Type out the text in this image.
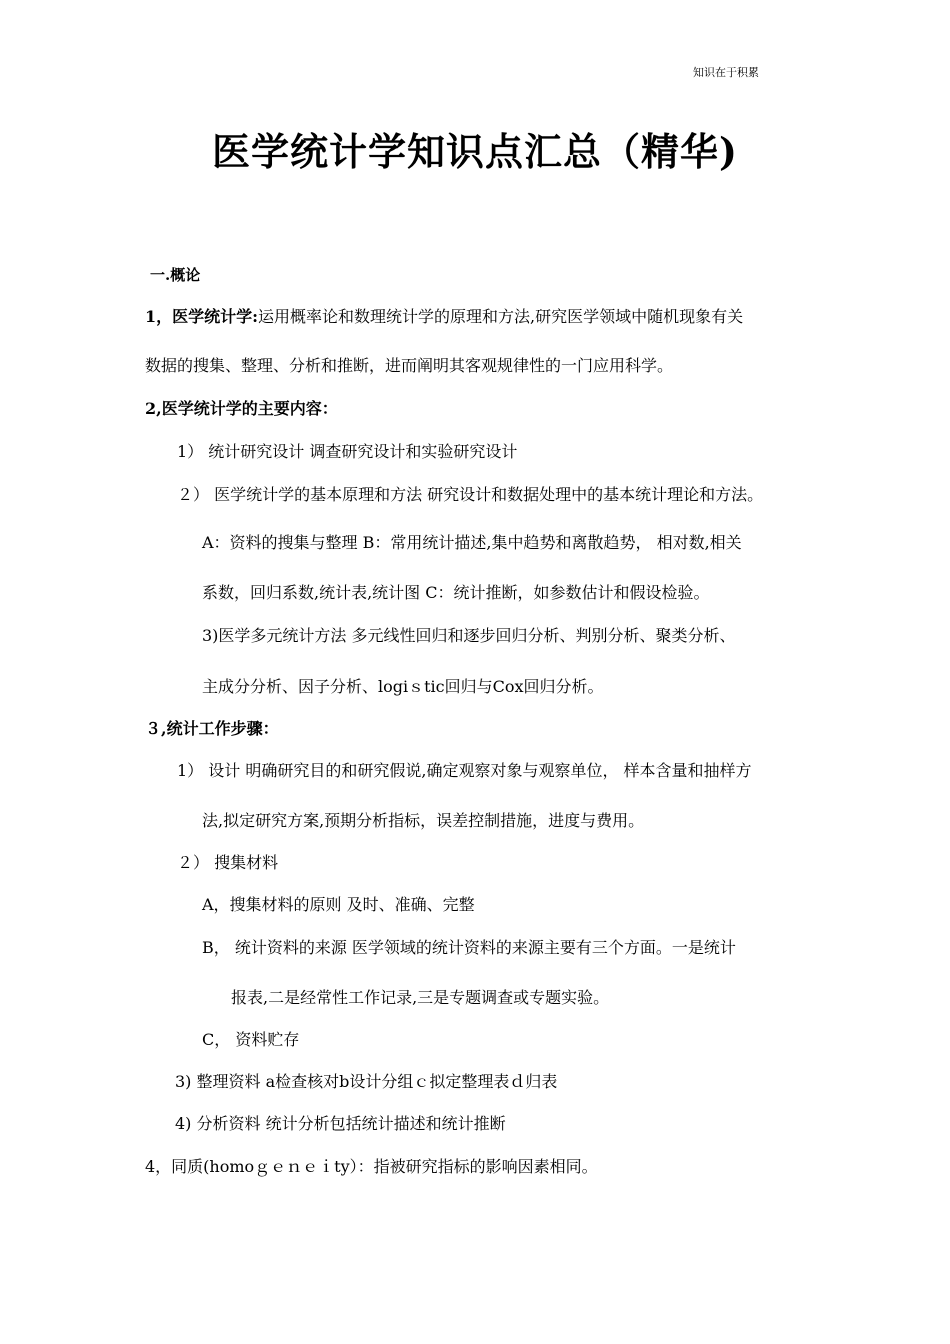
知识在于积累
医学统计学知识点汇总（精华)
一.概论
1，医学统计学:运用概率论和数理统计学的原理和方法,研究医学领域中随机现象有关
数据的搜集、整理、分析和推断，进而阐明其客观规律性的一门应用科学。
2,医学统计学的主要内容：
1） 统计研究设计 调查研究设计和实验研究设计
２） 医学统计学的基本原理和方法 研究设计和数据处理中的基本统计理论和方法。
A：资料的搜集与整理 B：常用统计描述,集中趋势和离散趋势， 相对数,相关
系数，回归系数,统计表,统计图 C：统计推断，如参数估计和假设检验。
3)医学多元统计方法 多元线性回归和逐步回归分析、判别分析、聚类分析、
主成分分析、因子分析、logiｓtic回归与Cox回归分析。
３,统计工作步骤：
1） 设计 明确研究目的和研究假说,确定观察对象与观察单位， 样本含量和抽样方
法,拟定研究方案,预期分析指标，误差控制措施，进度与费用。
２） 搜集材料
A，搜集材料的原则 及时、准确、完整
B， 统计资料的来源 医学领域的统计资料的来源主要有三个方面。一是统计
报表,二是经常性工作记录,三是专题调查或专题实验。
C， 资料贮存
3) 整理资料 a检查核对b设计分组ｃ拟定整理表ｄ归表
4) 分析资料 统计分析包括统计描述和统计推断
4，同质(homoｇｅｎｅｉty）：指被研究指标的影响因素相同。
